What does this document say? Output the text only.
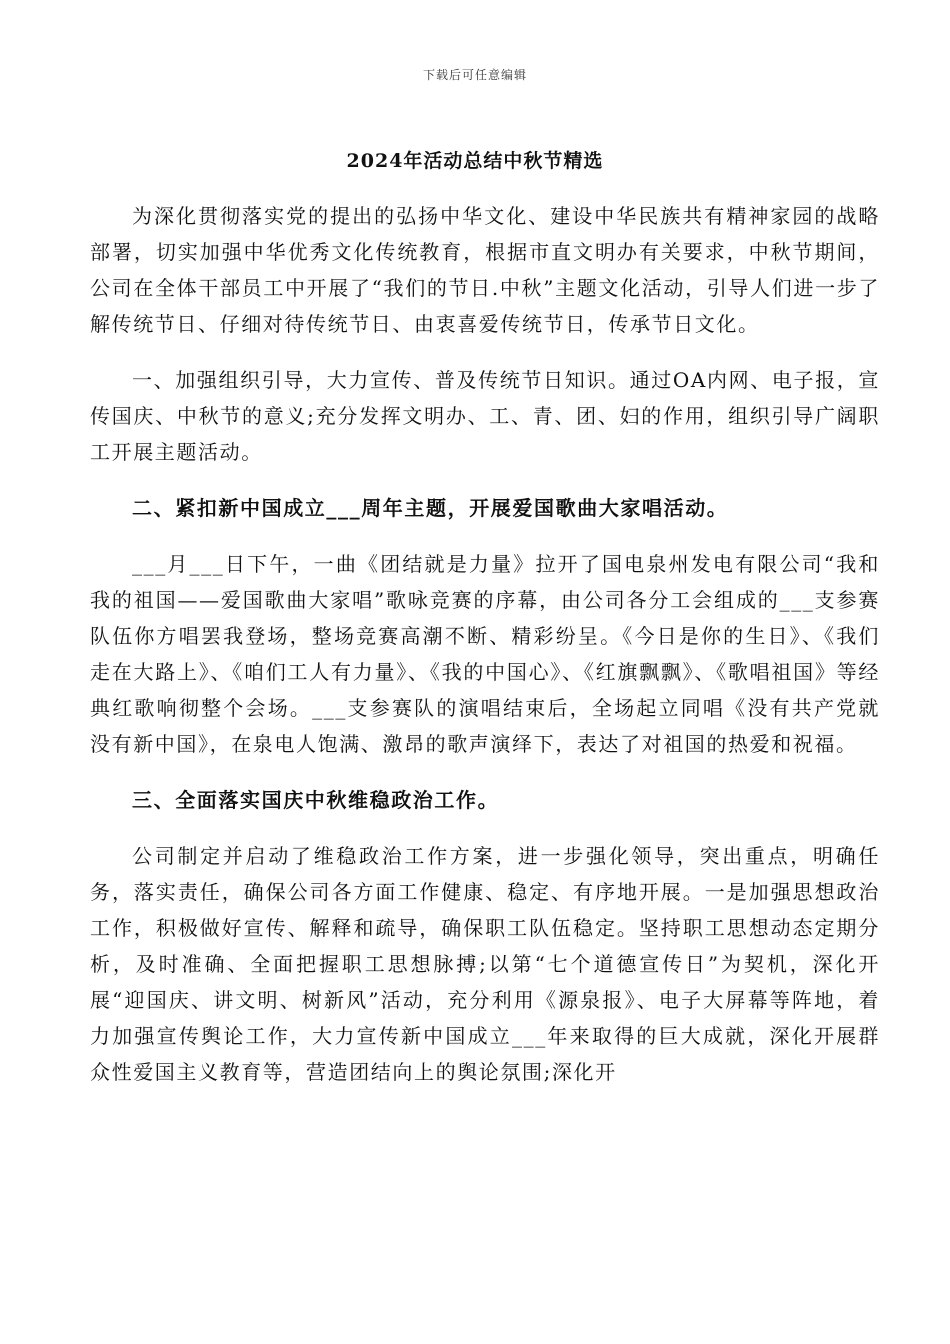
下载后可任意编辑
2024年活动总结中秋节精选

为深化贯彻落实党的提出的弘扬中华文化、建设中华民族共有精神家园的战略部署，切实加强中华优秀文化传统教育，根据市直文明办有关要求，中秋节期间，公司在全体干部员工中开展了“我们的节日.中秋”主题文化活动，引导人们进一步了解传统节日、仔细对待传统节日、由衷喜爱传统节日，传承节日文化。

一、加强组织引导，大力宣传、普及传统节日知识。通过OA内网、电子报，宣传国庆、中秋节的意义;充分发挥文明办、工、青、团、妇的作用，组织引导广阔职工开展主题活动。

二、紧扣新中国成立___周年主题，开展爱国歌曲大家唱活动。

___月___日下午，一曲《团结就是力量》拉开了国电泉州发电有限公司“我和我的祖国——爱国歌曲大家唱”歌咏竞赛的序幕，由公司各分工会组成的___支参赛队伍你方唱罢我登场，整场竞赛高潮不断、精彩纷呈。《今日是你的生日》、《我们走在大路上》、《咱们工人有力量》、《我的中国心》、《红旗飘飘》、《歌唱祖国》等经典红歌响彻整个会场。___支参赛队的演唱结束后，全场起立同唱《没有共产党就没有新中国》，在泉电人饱满、激昂的歌声演绎下，表达了对祖国的热爱和祝福。

三、全面落实国庆中秋维稳政治工作。

公司制定并启动了维稳政治工作方案，进一步强化领导，突出重点，明确任务，落实责任，确保公司各方面工作健康、稳定、有序地开展。一是加强思想政治工作，积极做好宣传、解释和疏导，确保职工队伍稳定。坚持职工思想动态定期分析，及时准确、全面把握职工思想脉搏;以第“七个道德宣传日”为契机，深化开展“迎国庆、讲文明、树新风”活动，充分利用《源泉报》、电子大屏幕等阵地，着力加强宣传舆论工作，大力宣传新中国成立___年来取得的巨大成就，深化开展群众性爱国主义教育等，营造团结向上的舆论氛围;深化开
